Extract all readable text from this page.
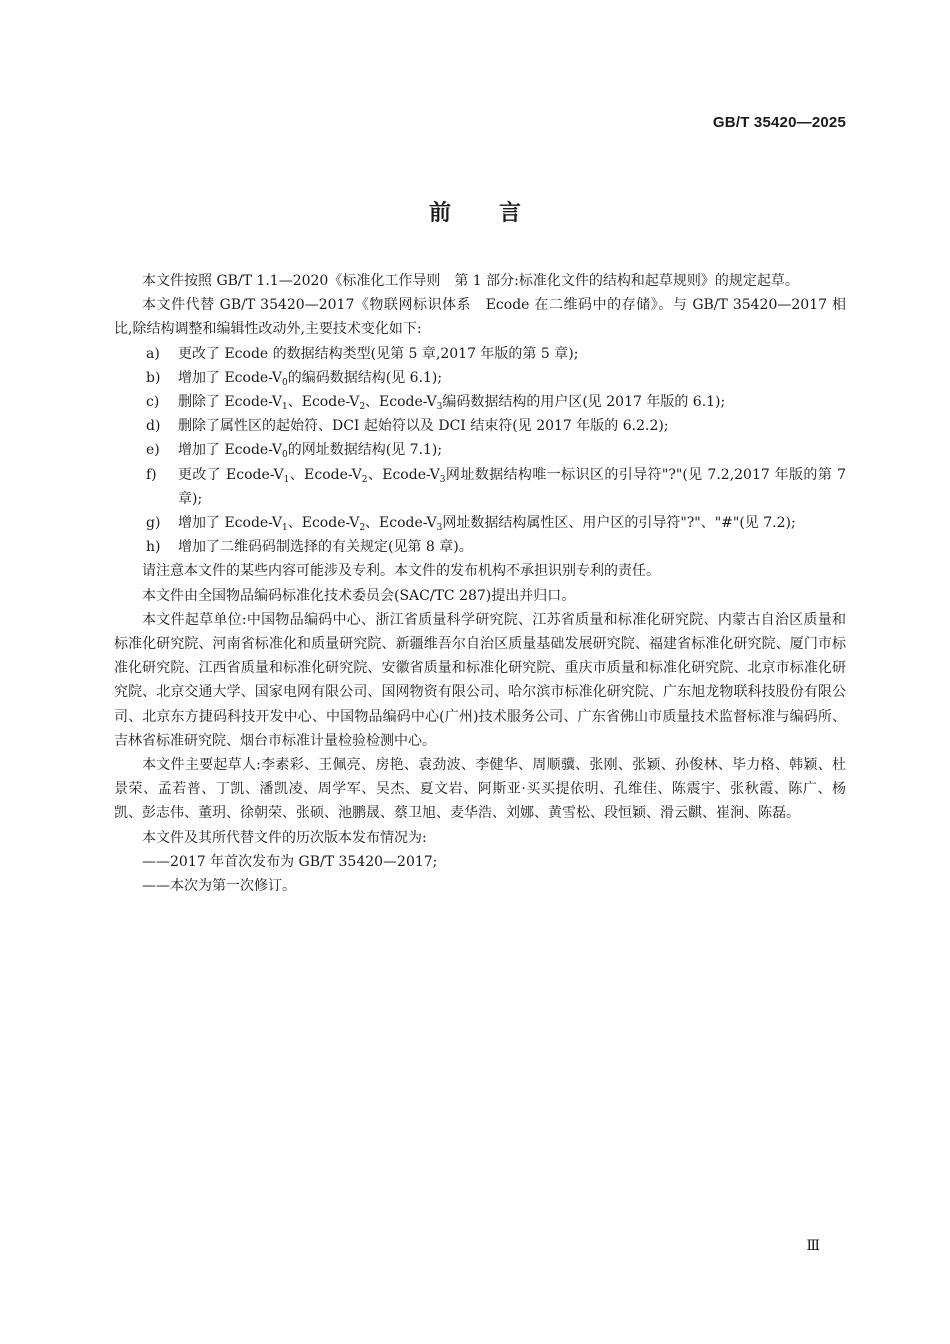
GB/T 35420—2025
前 言

本文件按照 GB/T 1.1—2020《标准化工作导则　第 1 部分:标准化文件的结构和起草规则》的规定起草。

本文件代替 GB/T 35420—2017《物联网标识体系　Ecode 在二维码中的存储》。与 GB/T 35420—2017 相比,除结构调整和编辑性改动外,主要技术变化如下:

a)	更改了 Ecode 的数据结构类型(见第 5 章,2017 年版的第 5 章);
b)	增加了 Ecode-$V_0$的编码数据结构(见 6.1);
c)	删除了 Ecode-$V_1$、Ecode-$V_2$、Ecode-$V_3$编码数据结构的用户区(见 2017 年版的 6.1);
d)	删除了属性区的起始符、DCI 起始符以及 DCI 结束符(见 2017 年版的 6.2.2);
e)	增加了 Ecode-$V_0$的网址数据结构(见 7.1);
f)	更改了 Ecode-$V_1$、Ecode-$V_2$、Ecode-$V_3$网址数据结构唯一标识区的引导符"?"(见 7.2,2017 年版的第 7 章);
g)	增加了 Ecode-$V_1$、Ecode-$V_2$、Ecode-$V_3$网址数据结构属性区、用户区的引导符"?"、"#"(见 7.2);
h)	增加了二维码码制选择的有关规定(见第 8 章)。

请注意本文件的某些内容可能涉及专利。本文件的发布机构不承担识别专利的责任。

本文件由全国物品编码标准化技术委员会(SAC/TC 287)提出并归口。

本文件起草单位:中国物品编码中心、浙江省质量科学研究院、江苏省质量和标准化研究院、内蒙古自治区质量和标准化研究院、河南省标准化和质量研究院、新疆维吾尔自治区质量基础发展研究院、福建省标准化研究院、厦门市标准化研究院、江西省质量和标准化研究院、安徽省质量和标准化研究院、重庆市质量和标准化研究院、北京市标准化研究院、北京交通大学、国家电网有限公司、国网物资有限公司、哈尔滨市标准化研究院、广东旭龙物联科技股份有限公司、北京东方捷码科技开发中心、中国物品编码中心(广州)技术服务公司、广东省佛山市质量技术监督标准与编码所、吉林省标准研究院、烟台市标准计量检验检测中心。

本文件主要起草人:李素彩、王佩亮、房艳、袁劲波、李健华、周顺骥、张刚、张颖、孙俊林、毕力格、韩颖、杜景荣、孟若普、丁凯、潘凯凌、周学军、吴杰、夏文岩、阿斯亚·买买提依明、孔维佳、陈震宇、张秋霞、陈广、杨凯、彭志伟、董玥、徐朝荣、张硕、池鹏晟、蔡卫旭、麦华浩、刘娜、黄雪松、段恒颖、滑云麒、崔涧、陈磊。

本文件及其所代替文件的历次版本发布情况为:

——2017 年首次发布为 GB/T 35420—2017;

——本次为第一次修订。

Ⅲ
